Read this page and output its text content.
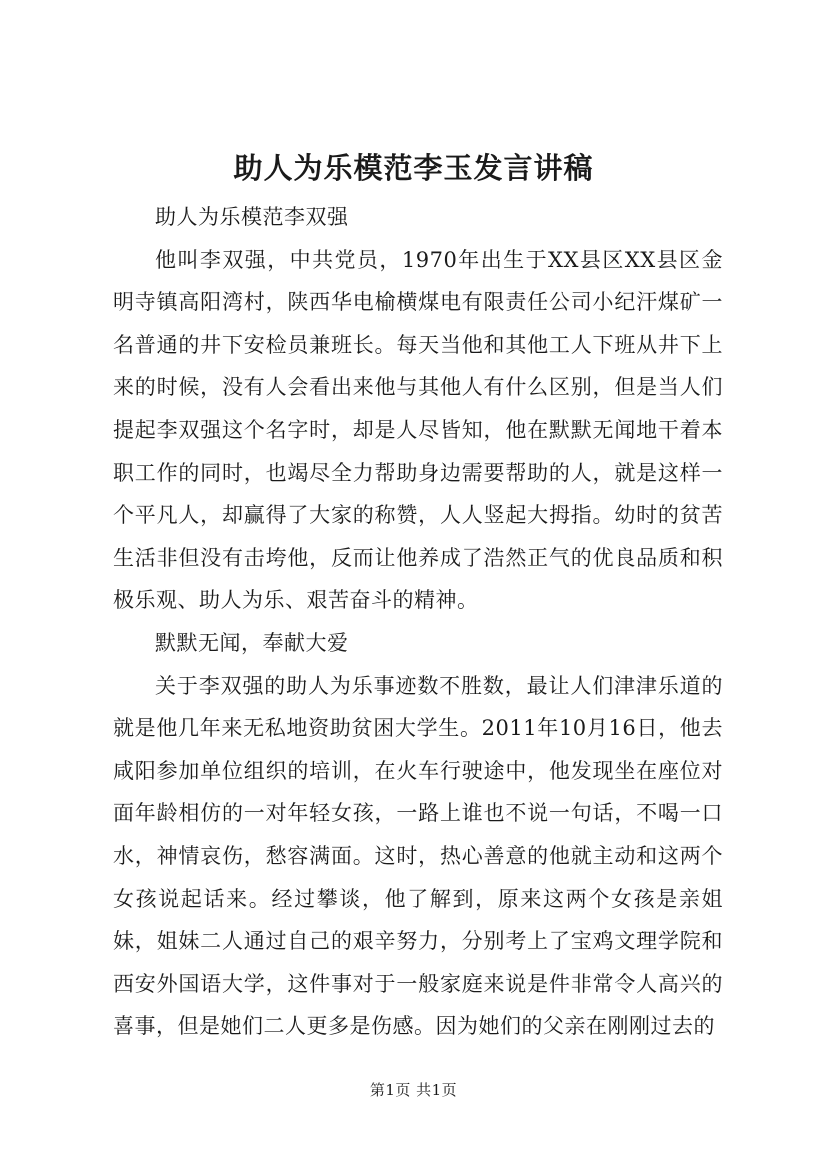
助人为乐模范李玉发言讲稿

助人为乐模范李双强

他叫李双强，中共党员，1970年出生于XX县区XX县区金明寺镇高阳湾村，陕西华电榆横煤电有限责任公司小纪汗煤矿一名普通的井下安检员兼班长。每天当他和其他工人下班从井下上来的时候，没有人会看出来他与其他人有什么区别，但是当人们提起李双强这个名字时，却是人尽皆知，他在默默无闻地干着本职工作的同时，也竭尽全力帮助身边需要帮助的人，就是这样一个平凡人，却赢得了大家的称赞，人人竖起大拇指。幼时的贫苦生活非但没有击垮他，反而让他养成了浩然正气的优良品质和积极乐观、助人为乐、艰苦奋斗的精神。

默默无闻，奉献大爱

关于李双强的助人为乐事迹数不胜数，最让人们津津乐道的就是他几年来无私地资助贫困大学生。2011年10月16日，他去咸阳参加单位组织的培训，在火车行驶途中，他发现坐在座位对面年龄相仿的一对年轻女孩，一路上谁也不说一句话，不喝一口水，神情哀伤，愁容满面。这时，热心善意的他就主动和这两个女孩说起话来。经过攀谈，他了解到，原来这两个女孩是亲姐妹，姐妹二人通过自己的艰辛努力，分别考上了宝鸡文理学院和西安外国语大学，这件事对于一般家庭来说是件非常令人高兴的喜事，但是她们二人更多是伤感。因为她们的父亲在刚刚过去的

第1页 共1页
